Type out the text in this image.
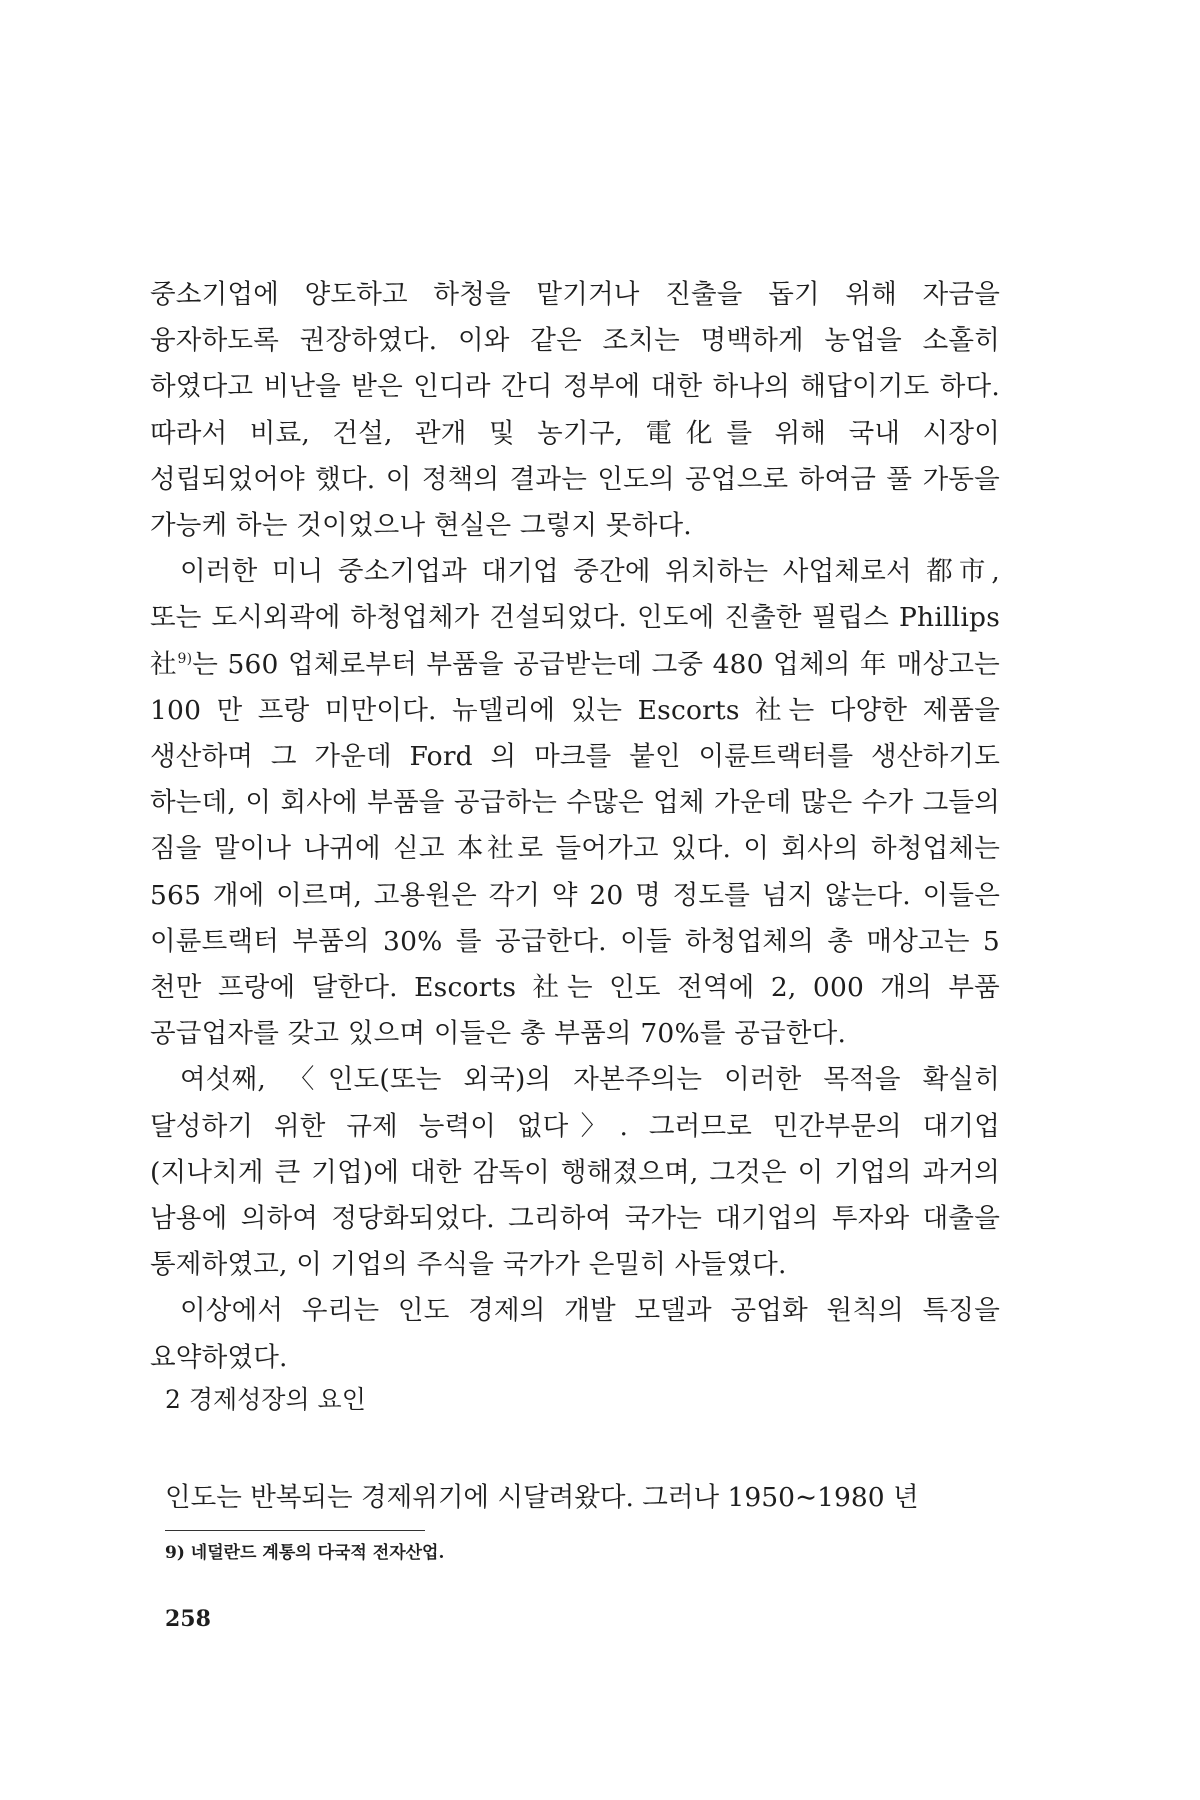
중소기업에 양도하고 하청을 맡기거나 진출을 돕기 위해 자금을 융자하도록 권장하였다. 이와 같은 조치는 명백하게 농업을 소홀히 하였다고 비난을 받은 인디라 간디 정부에 대한 하나의 해답이기도 하다. 따라서 비료, 건설, 관개 및 농기구, 電化를 위해 국내 시장이 성립되었어야 했다. 이 정책의 결과는 인도의 공업으로 하여금 풀 가동을 가능케 하는 것이었으나 현실은 그렇지 못하다.

이러한 미니 중소기업과 대기업 중간에 위치하는 사업체로서 都市, 또는 도시외곽에 하청업체가 건설되었다. 인도에 진출한 필립스 Phillips 社$^{9)}$는 560 업체로부터 부품을 공급받는데 그중 480 업체의 年 매상고는 100 만 프랑 미만이다. 뉴델리에 있는 Escorts 社는 다양한 제품을 생산하며 그 가운데 Ford 의 마크를 붙인 이륜트랙터를 생산하기도 하는데, 이 회사에 부품을 공급하는 수많은 업체 가운데 많은 수가 그들의 짐을 말이나 나귀에 싣고 本社로 들어가고 있다. 이 회사의 하청업체는 565 개에 이르며, 고용원은 각기 약 20 명 정도를 넘지 않는다. 이들은 이륜트랙터 부품의 30% 를 공급한다. 이들 하청업체의 총 매상고는 5 천만 프랑에 달한다. Escorts 社는 인도 전역에 2, 000 개의 부품 공급업자를 갖고 있으며 이들은 총 부품의 70%를 공급한다.

여섯째, 〈인도(또는 외국)의 자본주의는 이러한 목적을 확실히 달성하기 위한 규제 능력이 없다〉. 그러므로 민간부문의 대기업(지나치게 큰 기업)에 대한 감독이 행해졌으며, 그것은 이 기업의 과거의 남용에 의하여 정당화되었다. 그리하여 국가는 대기업의 투자와 대출을 통제하였고, 이 기업의 주식을 국가가 은밀히 사들였다.

이상에서 우리는 인도 경제의 개발 모델과 공업화 원칙의 특징을 요약하였다.

2 경제성장의 요인

인도는 반복되는 경제위기에 시달려왔다. 그러나 1950∼1980 년

9) 네덜란드 계통의 다국적 전자산업.

258
